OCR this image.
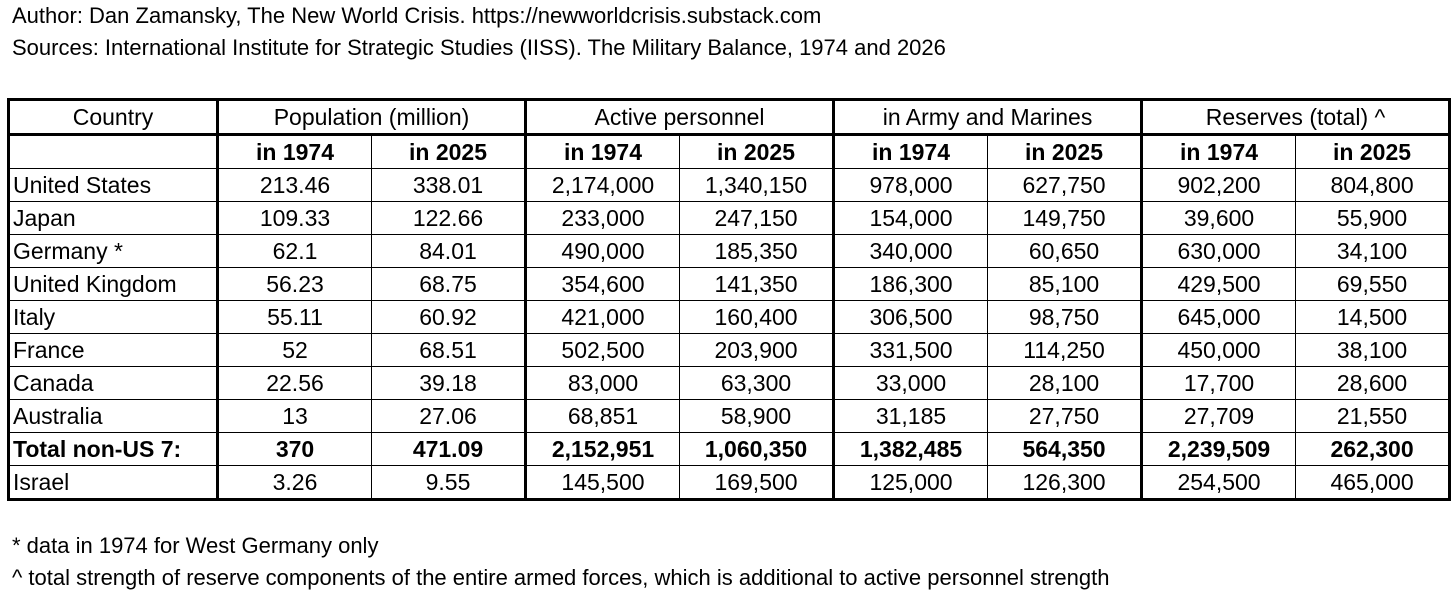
Author: Dan Zamansky, The New World Crisis. https://newworldcrisis.substack.com
Sources: International Institute for Strategic Studies (IISS). The Military Balance, 1974 and 2026
Country	Population (million)		Active personnel		in Army and Marines		Reserves (total) ^	
	in 1974	in 2025	in 1974	in 2025	in 1974	in 2025	in 1974	in 2025
United States	213.46	338.01	2,174,000	1,340,150	978,000	627,750	902,200	804,800
Japan	109.33	122.66	233,000	247,150	154,000	149,750	39,600	55,900
Germany *	62.1	84.01	490,000	185,350	340,000	60,650	630,000	34,100
United Kingdom	56.23	68.75	354,600	141,350	186,300	85,100	429,500	69,550
Italy	55.11	60.92	421,000	160,400	306,500	98,750	645,000	14,500
France	52	68.51	502,500	203,900	331,500	114,250	450,000	38,100
Canada	22.56	39.18	83,000	63,300	33,000	28,100	17,700	28,600
Australia	13	27.06	68,851	58,900	31,185	27,750	27,709	21,550
Total non-US 7:	370	471.09	2,152,951	1,060,350	1,382,485	564,350	2,239,509	262,300
Israel	3.26	9.55	145,500	169,500	125,000	126,300	254,500	465,000
* data in 1974 for West Germany only
^ total strength of reserve components of the entire armed forces, which is additional to active personnel strength
